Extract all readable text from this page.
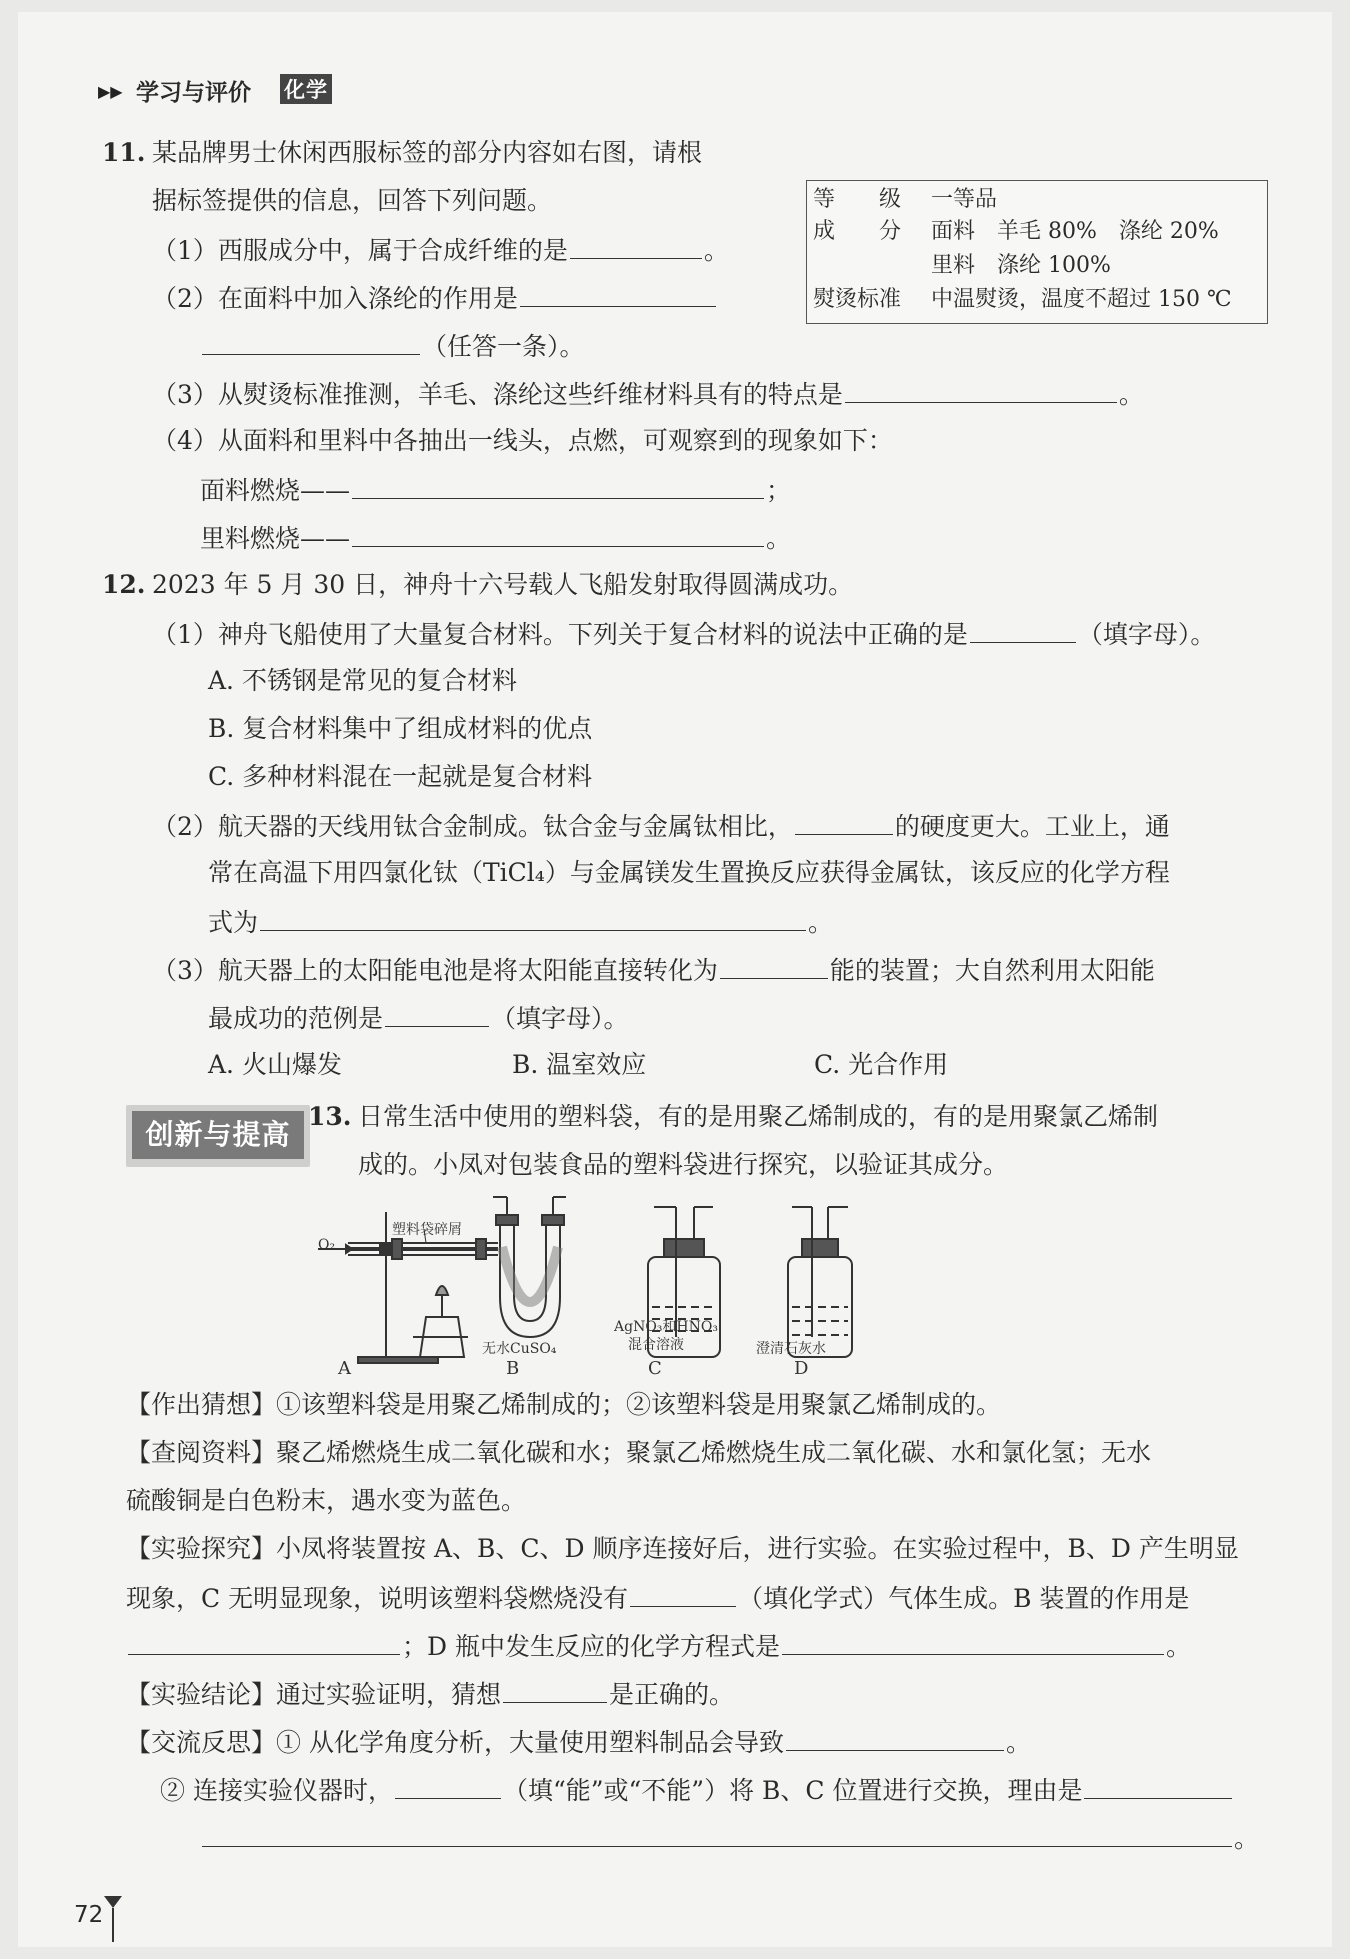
▶▶ 学习与评价 化学
11. 某品牌男士休闲西服标签的部分内容如右图，请根
据标签提供的信息，回答下列问题。
（1）西服成分中，属于合成纤维的是	。
（2）在面料中加入涤纶的作用是
（任答一条）。
（3）从熨烫标准推测，羊毛、涤纶这些纤维材料具有的特点是	。
（4）从面料和里料中各抽出一线头，点燃，可观察到的现象如下：
面料燃烧——	；
里料燃烧——	。
等　　级 一等品
成　　分 面料　羊毛 80%　涤纶 20%
里料　涤纶 100%
熨烫标准 中温熨烫，温度不超过 150 ℃
12. 2023 年 5 月 30 日，神舟十六号载人飞船发射取得圆满成功。
（1）神舟飞船使用了大量复合材料。下列关于复合材料的说法中正确的是	（填字母）。
A. 不锈钢是常见的复合材料
B. 复合材料集中了组成材料的优点
C. 多种材料混在一起就是复合材料
（2）航天器的天线用钛合金制成。钛合金与金属钛相比，	的硬度更大。工业上，通
常在高温下用四氯化钛（TiCl₄）与金属镁发生置换反应获得金属钛，该反应的化学方程
式为	。
（3）航天器上的太阳能电池是将太阳能直接转化为	能的装置；大自然利用太阳能
最成功的范例是	（填字母）。
A. 火山爆发	B. 温室效应	C. 光合作用
创新与提高
13. 日常生活中使用的塑料袋，有的是用聚乙烯制成的，有的是用聚氯乙烯制
成的。小凤对包装食品的塑料袋进行探究，以验证其成分。
O₂
塑料袋碎屑
无水CuSO₄
AgNO₃和HNO₃
混合溶液	澄清石灰水
A	B	C	D
【作出猜想】①该塑料袋是用聚乙烯制成的；②该塑料袋是用聚氯乙烯制成的。
【查阅资料】聚乙烯燃烧生成二氧化碳和水；聚氯乙烯燃烧生成二氧化碳、水和氯化氢；无水
硫酸铜是白色粉末，遇水变为蓝色。
【实验探究】小凤将装置按 A、B、C、D 顺序连接好后，进行实验。在实验过程中，B、D 产生明显
现象，C 无明显现象，说明该塑料袋燃烧没有	（填化学式）气体生成。B 装置的作用是
；D 瓶中发生反应的化学方程式是	。
【实验结论】通过实验证明，猜想	是正确的。
【交流反思】① 从化学角度分析，大量使用塑料制品会导致	。
② 连接实验仪器时，	（填“能”或“不能”）将 B、C 位置进行交换，理由是
。
72
